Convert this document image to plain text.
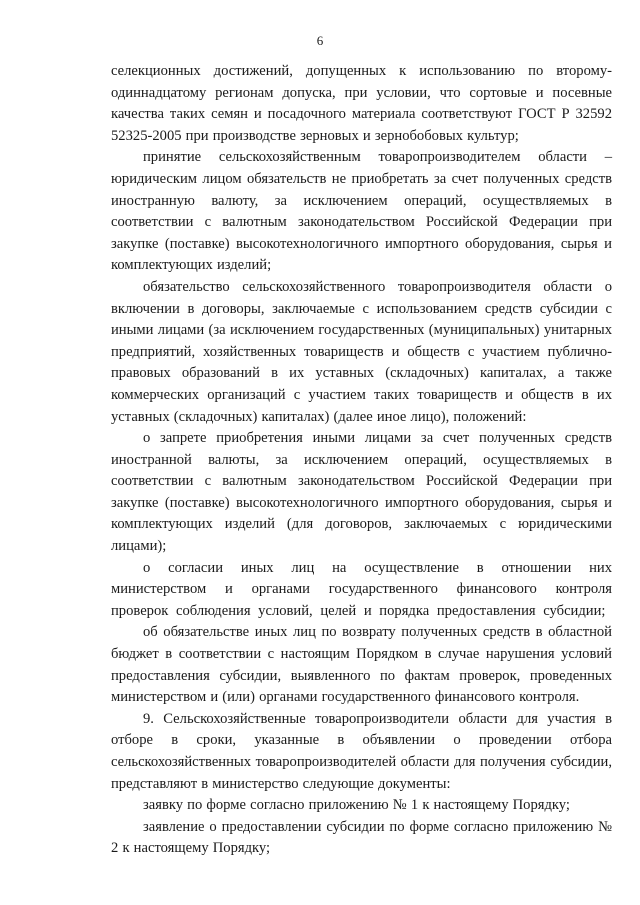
6

селекционных достижений, допущенных к использованию по второму-одиннадцатому регионам допуска, при условии, что сортовые и посевные качества таких семян и посадочного материала соответствуют ГОСТ Р 32592 52325-2005 при производстве зерновых и зернобобовых культур;

принятие сельскохозяйственным товаропроизводителем области – юридическим лицом обязательств не приобретать за счет полученных средств иностранную валюту, за исключением операций, осуществляемых в соответствии с валютным законодательством Российской Федерации при закупке (поставке) высокотехнологичного импортного оборудования, сырья и комплектующих изделий;

обязательство сельскохозяйственного товаропроизводителя области о включении в договоры, заключаемые с использованием средств субсидии с иными лицами (за исключением государственных (муниципальных) унитарных предприятий, хозяйственных товариществ и обществ с участием публично-правовых образований в их уставных (складочных) капиталах, а также коммерческих организаций с участием таких товариществ и обществ в их уставных (складочных) капиталах) (далее иное лицо), положений:

о запрете приобретения иными лицами за счет полученных средств иностранной валюты, за исключением операций, осуществляемых в соответствии с валютным законодательством Российской Федерации при закупке (поставке) высокотехнологичного импортного оборудования, сырья и комплектующих изделий (для договоров, заключаемых с юридическими лицами);

о согласии иных лиц на осуществление в отношении них министерством и органами государственного финансового контроля проверок соблюдения условий, целей и порядка предоставления субсидии;

об обязательстве иных лиц по возврату полученных средств в областной бюджет в соответствии с настоящим Порядком в случае нарушения условий предоставления субсидии, выявленного по фактам проверок, проведенных министерством и (или) органами государственного финансового контроля.

9. Сельскохозяйственные товаропроизводители области для участия в отборе в сроки, указанные в объявлении о проведении отбора сельскохозяйственных товаропроизводителей области для получения субсидии, представляют в министерство следующие документы:

заявку по форме согласно приложению № 1 к настоящему Порядку;

заявление о предоставлении субсидии по форме согласно приложению № 2 к настоящему Порядку;
